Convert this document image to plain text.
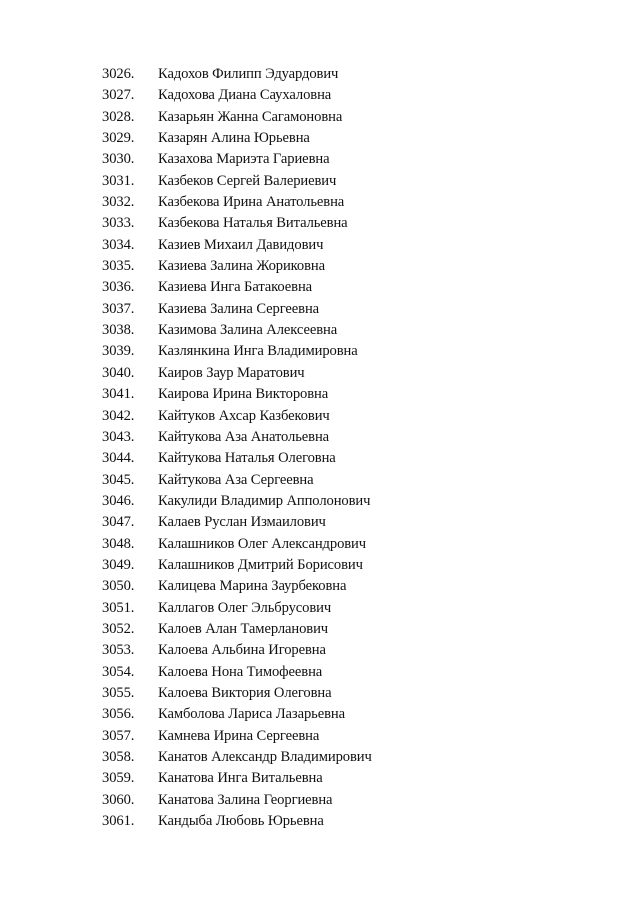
3026.	Кадохов Филипп Эдуардович
3027.	Кадохова Диана Саухаловна
3028.	Казарьян Жанна Сагамоновна
3029.	Казарян Алина Юрьевна
3030.	Казахова Мариэта Гариевна
3031.	Казбеков Сергей Валериевич
3032.	Казбекова Ирина Анатольевна
3033.	Казбекова Наталья Витальевна
3034.	Казиев Михаил Давидович
3035.	Казиева Залина Жориковна
3036.	Казиева Инга Батакоевна
3037.	Казиева Залина Сергеевна
3038.	Казимова Залина Алексеевна
3039.	Казлянкина Инга Владимировна
3040.	Каиров Заур Маратович
3041.	Каирова Ирина Викторовна
3042.	Кайтуков Ахсар Казбекович
3043.	Кайтукова Аза Анатольевна
3044.	Кайтукова Наталья Олеговна
3045.	Кайтукова Аза Сергеевна
3046.	Какулиди Владимир Апполонович
3047.	Калаев Руслан Измаилович
3048.	Калашников Олег Александрович
3049.	Калашников Дмитрий Борисович
3050.	Калицева Марина Заурбековна
3051.	Каллагов Олег Эльбрусович
3052.	Калоев Алан Тамерланович
3053.	Калоева Альбина Игоревна
3054.	Калоева Нона Тимофеевна
3055.	Калоева Виктория Олеговна
3056.	Камболова Лариса Лазарьевна
3057.	Камнева Ирина Сергеевна
3058.	Канатов Александр Владимирович
3059.	Канатова Инга Витальевна
3060.	Канатова Залина Георгиевна
3061.	Кандыба Любовь Юрьевна
